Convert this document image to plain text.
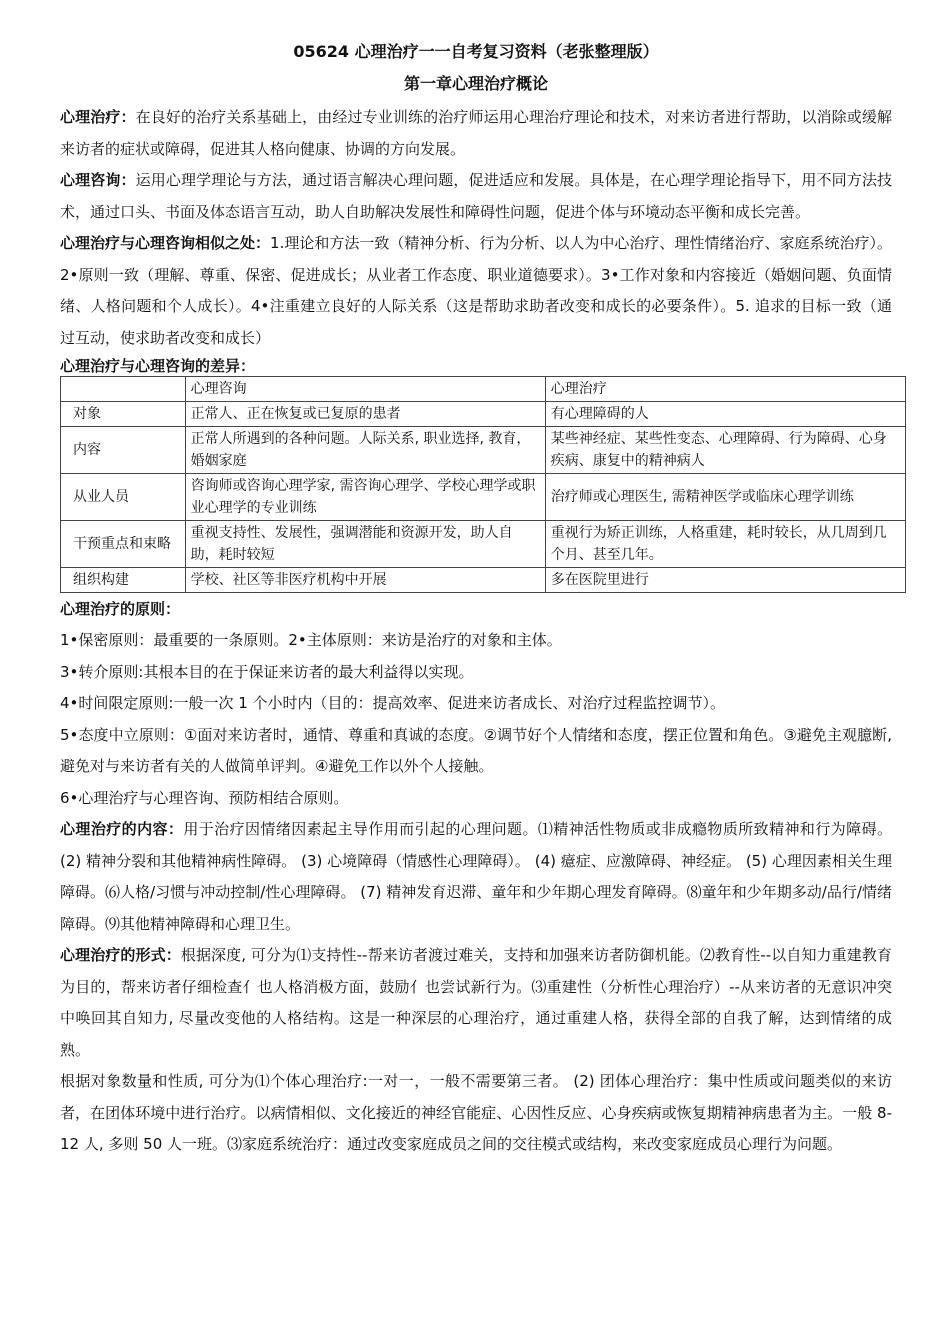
05624 心理治疗一一自考复习资料（老张整理版）
第一章心理治疗概论

心理治疗：在良好的治疗关系基础上，由经过专业训练的治疗师运用心理治疗理论和技术，对来访者进行帮助，以消除或缓解来访者的症状或障碍，促进其人格向健康、协调的方向发展。

心理咨询：运用心理学理论与方法，通过语言解决心理问题，促进适应和发展。具体是，在心理学理论指导下，用不同方法技术，通过口头、书面及体态语言互动，助人自助解决发展性和障碍性问题，促进个体与环境动态平衡和成长完善。

心理治疗与心理咨询相似之处：1.理论和方法一致（精神分析、行为分析、以人为中心治疗、理性情绪治疗、家庭系统治疗）。2•原则一致（理解、尊重、保密、促进成长；从业者工作态度、职业道德要求）。3•工作对象和内容接近（婚姻问题、负面情绪、人格问题和个人成长）。4•注重建立良好的人际关系（这是帮助求助者改变和成长的必要条件）。5. 追求的目标一致（通过互动，使求助者改变和成长）

心理治疗与心理咨询的差异：
	心理咨询	心理治疗
对象	正常人、正在恢复或已复原的患者	有心理障碍的人
内容	正常人所遇到的各种问题。人际关系, 职业选择, 教育，婚姻家庭	某些神经症、某些性变态、心理障碍、行为障碍、心身疾病、康复中的精神病人
从业人员	咨询师或咨询心理学家, 需咨询心理学、学校心理学或职业心理学的专业训练	治疗师或心理医生, 需精神医学或临床心理学训练
干预重点和束略	重视支持性、发展性，强调潜能和资源开发，助人自助，耗时较短	重视行为矫正训练，人格重建，耗时较长，从几周到几个月、甚至几年。
组织构建	学校、社区等非医疗机构中开展	多在医院里进行
心理治疗的原则：

1•保密原则：最重要的一条原则。2•主体原则：来访是治疗的对象和主体。

3•转介原则:其根本目的在于保证来访者的最大利益得以实现。

4•时间限定原则:一般一次 1 个小时内（目的：提高效率、促进来访者成长、对治疗过程监控调节）。

5•态度中立原则：①面对来访者时，通情、尊重和真诚的态度。②调节好个人情绪和态度，摆正位置和角色。③避免主观臆断, 避免对与来访者有关的人做简单评判。④避免工作以外个人接触。

6•心理治疗与心理咨询、预防相结合原则。

心理治疗的内容：用于治疗因情绪因素起主导作用而引起的心理问题。⑴精神活性物质或非成瘾物质所致精神和行为障碍。 (2) 精神分裂和其他精神病性障碍。 (3) 心境障碍（情感性心理障碍）。 (4) 癔症、应激障碍、神经症。 (5) 心理因素相关生理障碍。⑹人格/习惯与冲动控制/性心理障碍。 (7) 精神发育迟滞、童年和少年期心理发育障碍。⑻童年和少年期多动/品行/情绪障碍。⑼其他精神障碍和心理卫生。

心理治疗的形式：根据深度, 可分为⑴支持性--帮来访者渡过难关，支持和加强来访者防御机能。⑵教育性--以自知力重建教育为目的，帮来访者仔细检查亻也人格消极方面，鼓励亻也尝试新行为。⑶重建性（分析性心理治疗）--从来访者的无意识冲突中唤回其自知力, 尽量改变他的人格结构。这是一种深层的心理治疗，通过重建人格，获得全部的自我了解，达到情绪的成熟。

根据对象数量和性质, 可分为⑴个体心理治疗:一对一，一般不需要第三者。 (2) 团体心理治疗：集中性质或问题类似的来访者，在团体环境中进行治疗。以病情相似、文化接近的神经官能症、心因性反应、心身疾病或恢复期精神病患者为主。一般 8-12 人, 多则 50 人一班。⑶家庭系统治疗：通过改变家庭成员之间的交往模式或结构，来改变家庭成员心理行为问题。
